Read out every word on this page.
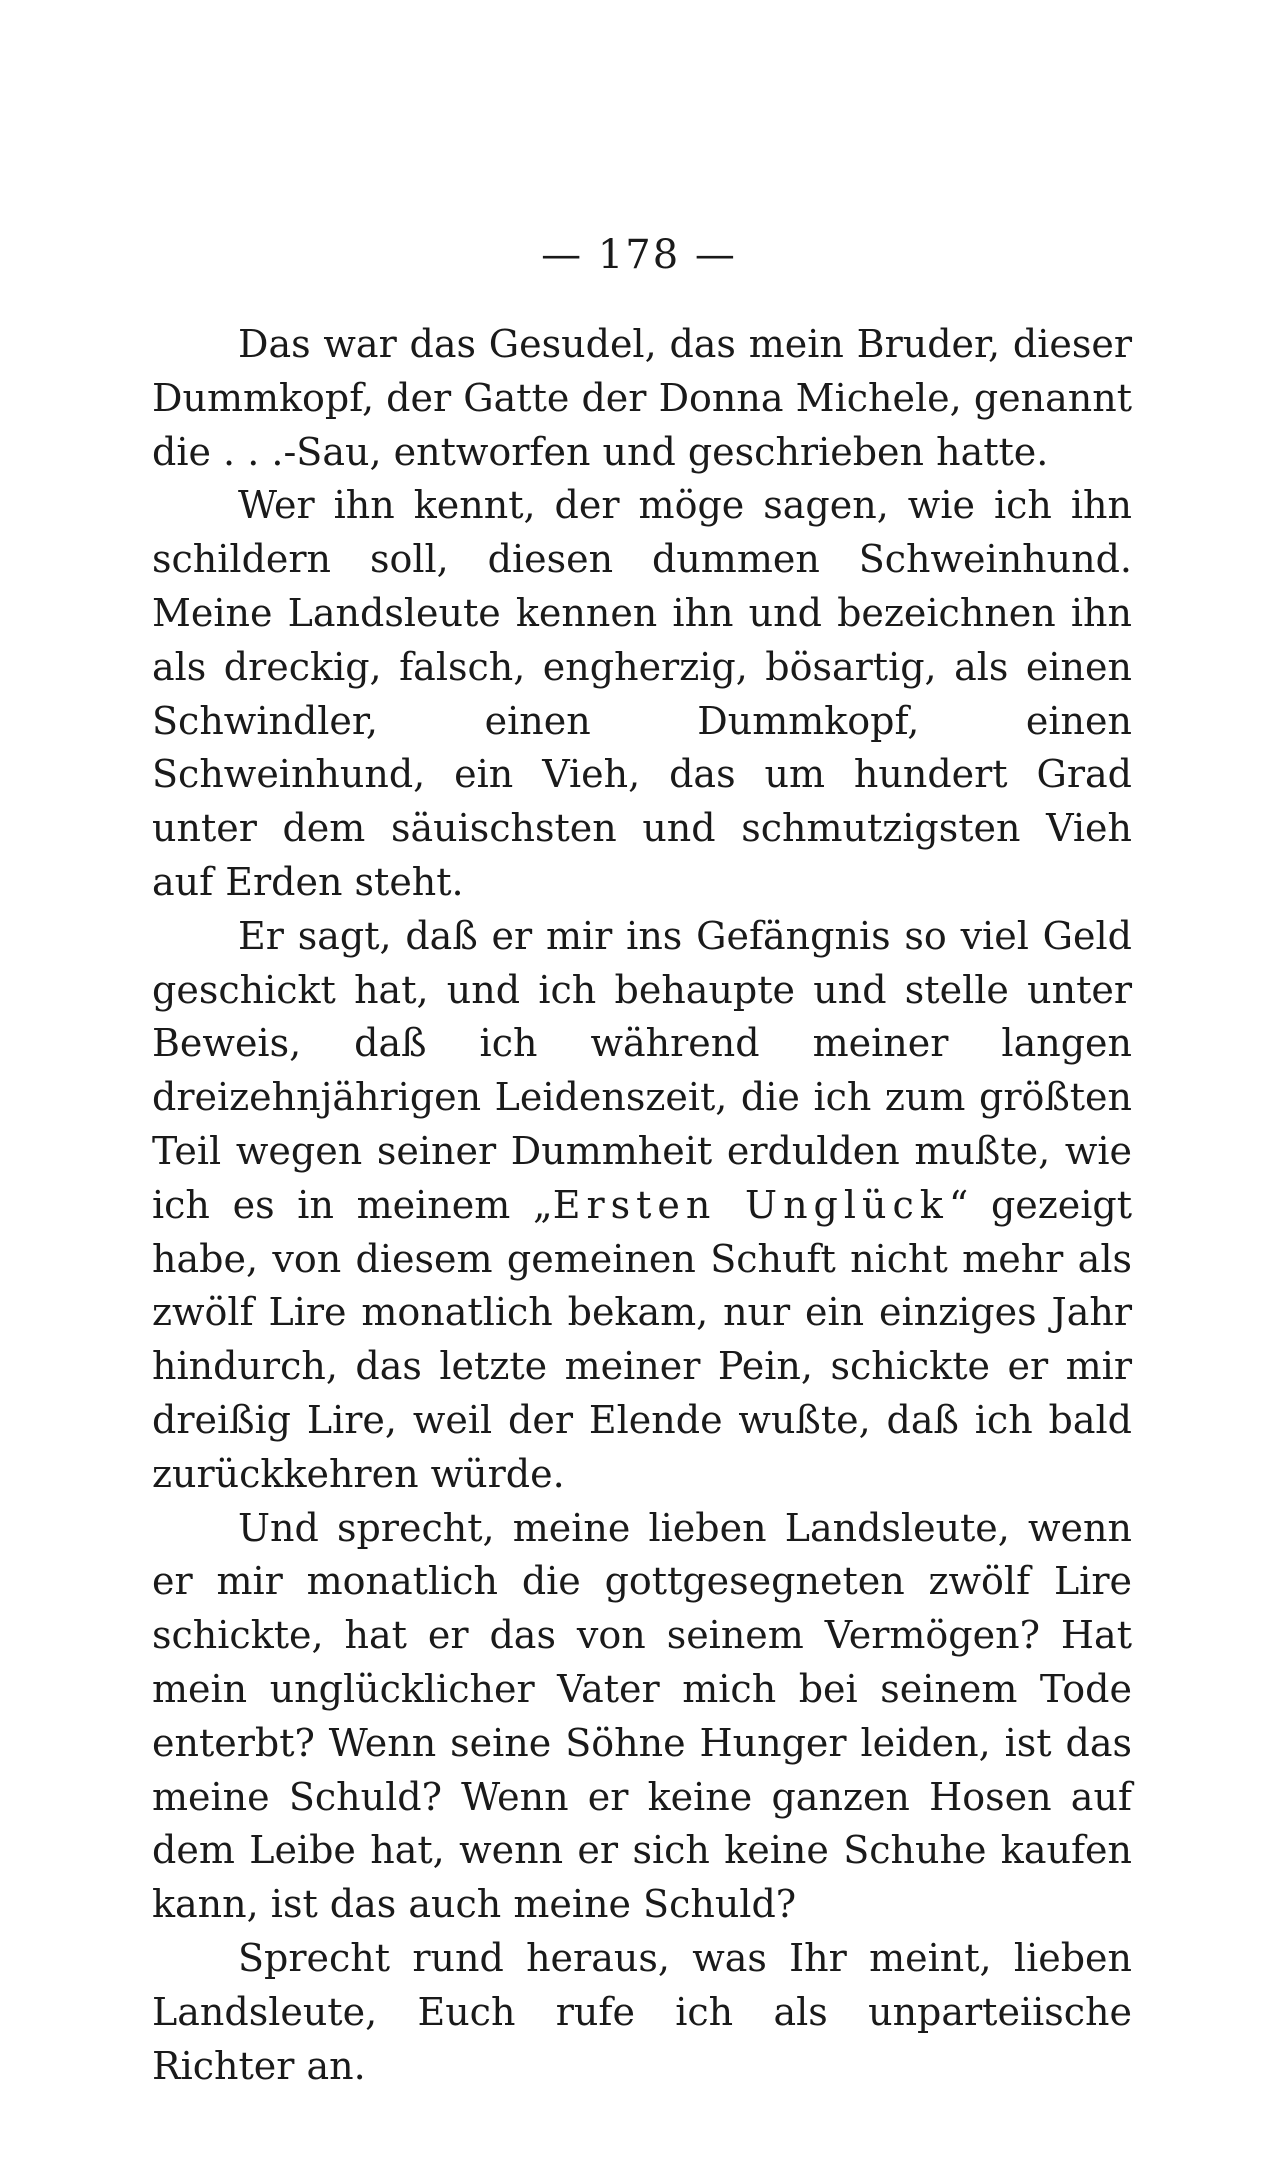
— 178 —

Das war das Gesudel, das mein Bruder, dieser Dummkopf, der Gatte der Donna Michele, genannt die . . .-Sau, entworfen und geschrieben hatte.

Wer ihn kennt, der möge sagen, wie ich ihn schildern soll, diesen dummen Schweinhund. Meine Landsleute kennen ihn und bezeichnen ihn als dreckig, falsch, engherzig, bösartig, als einen Schwindler, einen Dummkopf, einen Schweinhund, ein Vieh, das um hundert Grad unter dem säuischsten und schmutzigsten Vieh auf Erden steht.

Er sagt, daß er mir ins Gefängnis so viel Geld geschickt hat, und ich behaupte und stelle unter Beweis, daß ich während meiner langen dreizehnjährigen Leidenszeit, die ich zum größten Teil wegen seiner Dummheit erdulden mußte, wie ich es in meinem „Ersten Unglück“ gezeigt habe, von diesem gemeinen Schuft nicht mehr als zwölf Lire monatlich bekam, nur ein einziges Jahr hindurch, das letzte meiner Pein, schickte er mir dreißig Lire, weil der Elende wußte, daß ich bald zurückkehren würde.

Und sprecht, meine lieben Landsleute, wenn er mir monatlich die gottgesegneten zwölf Lire schickte, hat er das von seinem Vermögen? Hat mein unglücklicher Vater mich bei seinem Tode enterbt? Wenn seine Söhne Hunger leiden, ist das meine Schuld? Wenn er keine ganzen Hosen auf dem Leibe hat, wenn er sich keine Schuhe kaufen kann, ist das auch meine Schuld?

Sprecht rund heraus, was Ihr meint, lieben Landsleute, Euch rufe ich als unparteiische Richter an.
